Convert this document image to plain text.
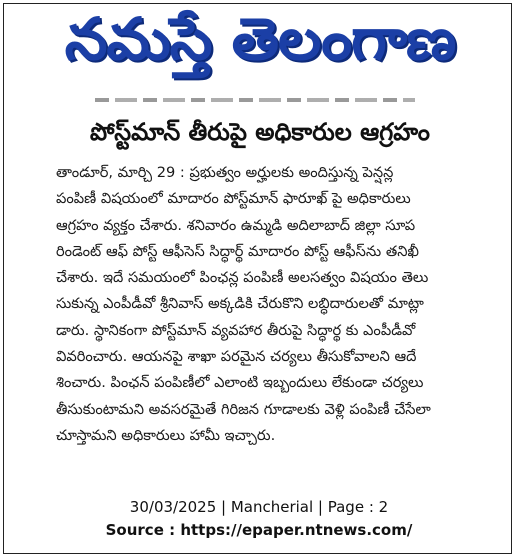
నమస్తే తెలంగాణ
పోస్ట్‌మాన్ తీరుపై అధికారుల ఆగ్రహం
తాండూర్, మార్చి 29 : ప్రభుత్వం అర్హులకు అందిస్తున్న పెన్షన్ల
పంపిణీ విషయంలో మాదారం పోస్ట్‌మాన్ ఫారూఖ్ పై అధికారులు
ఆగ్రహం వ్యక్తం చేశారు. శనివారం ఉమ్మడి అదిలాబాద్ జిల్లా సూప
రిండెంట్ ఆఫ్ పోస్ట్ ఆఫీసెస్ సిద్ధార్థ్ మాదారం పోస్ట్ ఆఫీస్‌ను తనిఖీ
చేశారు. ఇదే సమయంలో పింఛన్ల పంపిణీ అలసత్వం విషయం తెలు
సుకున్న ఎంపీడీవో శ్రీనివాస్ అక్కడికి చేరుకొని లబ్ధిదారులతో మాట్లా
డారు. స్థానికంగా పోస్ట్‌మాన్ వ్యవహార తీరుపై సిద్ధార్థ కు ఎంపీడీవో
వివరించారు. ఆయనపై శాఖా పరమైన చర్యలు తీసుకోవాలని ఆదే
శించారు. పింఛన్ పంపిణీలో ఎలాంటి ఇబ్బందులు లేకుండా చర్యలు
తీసుకుంటామని అవసరమైతే గిరిజన గూడాలకు వెళ్లి పంపిణీ చేసేలా
చూస్తామని అధికారులు హామీ ఇచ్చారు.
30/03/2025 | Mancherial | Page : 2
Source : https://epaper.ntnews.com/
